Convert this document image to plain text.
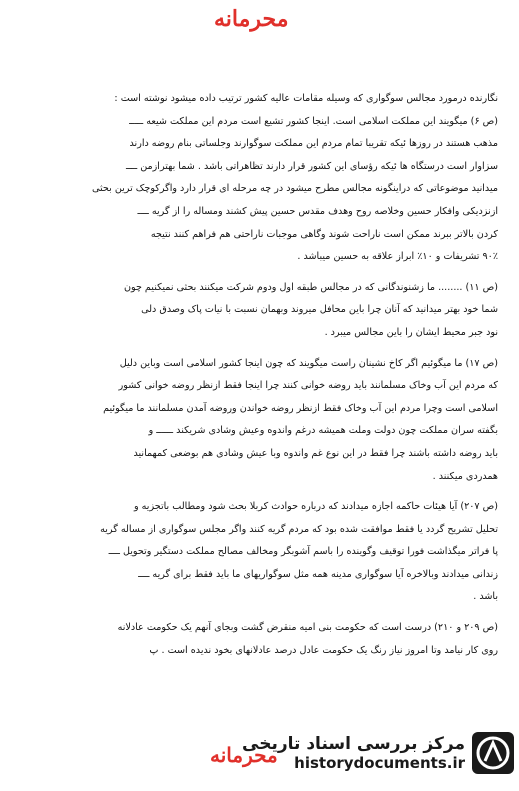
محرمانه
نگارنده درمورد مجالس سوگواری که وسیله مقامات عالیه کشور ترتیب داده میشود نوشته است :
(ص ۶) میگویند این مملکت اسلامی است. اینجا کشور تشیع است مردم این مملکت شیعه ـــــ
مذهب هستند در روزها ئیکه تقریبا تمام مردم این مملکت سوگوارند وجلساتی بنام روضه دارند
سزاوار است درستگاه ها ئیکه رؤسای این کشور قرار دارند تظاهراتی باشد . شما بهترازمن ــــ
میدانید موضوعاتی که دراینگونه مجالس مطرح میشود در چه مرحله ای قرار دارد واگرکوچک ترین بحثی
ازنزدیکی وافکار حسین وخلاصه روح وهدف مقدس حسین پیش کشند ومساله را از گریه ــــ
کردن بالاتر ببرند ممکن است ناراحت شوند وگاهی موجبات ناراحتی هم فراهم کنند نتیجه
۹۰٪ تشریفات و ۱۰٪ ابراز علاقه به حسین میباشد .
(ص ۱۱) ........ ما زشنوندگانی که در مجالس طبقه اول ودوم شرکت میکنند بحثی نمیکنیم چون
شما خود بهتر میدانید که آنان چرا باین محافل میروند وبهمان نسبت با نیات پاک وصدق دلی
نود جبر محیط ایشان را باین مجالس میبرد .
(ص ۱۷) ما میگوئیم اگر کاخ نشینان راست میگویند که چون اینجا کشور اسلامی است وباین دلیل
که مردم این آب وخاک مسلمانند باید روضه خوانی کنند چرا اینجا فقط ازنظر روضه خوانی کشور
اسلامی است وچرا مردم این آب وخاک فقط ازنظر روضه خواندن وروضه آمدن مسلمانند ما میگوئیم
بگفته سران مملکت چون دولت وملت همیشه درغم واندوه وعیش وشادی شریکند ــــــ و
باید روضه داشته باشند چرا فقط در این نوع غم واندوه وبا عیش وشادی هم بوضعی کمهمانید
همدردی میکنند .
(ص ۲۰۷) آیا هیئات حاکمه اجازه میدادند که درباره حوادث کربلا بحث شود ومطالب باتجزیه و
تحلیل تشریح گردد یا فقط موافقت شده بود که مردم گریه کنند واگر مجلس سوگواری از مساله گریه
پا فراتر میگذاشت فورا توقیف وگوینده را باسم آشوبگر ومخالف مصالح مملکت دستگیر وتحویل ــــ
زندانی میدادند وبالاخره آیا سوگواری مدینه همه مثل سوگواریهای ما باید فقط برای گریه ــــ
باشد .
(ص ۲۰۹ و ۲۱۰) درست است که حکومت بنی امیه منقرض گشت وبجای آنهم یک حکومت عادلانه
روی کار نیامد وتا امروز نیاز رنگ یک حکومت عادل درصد عادلانهای بخود ندیده است . پ
محرمانه
مرکز بررسی اسناد تاریخی
historydocuments.ir
